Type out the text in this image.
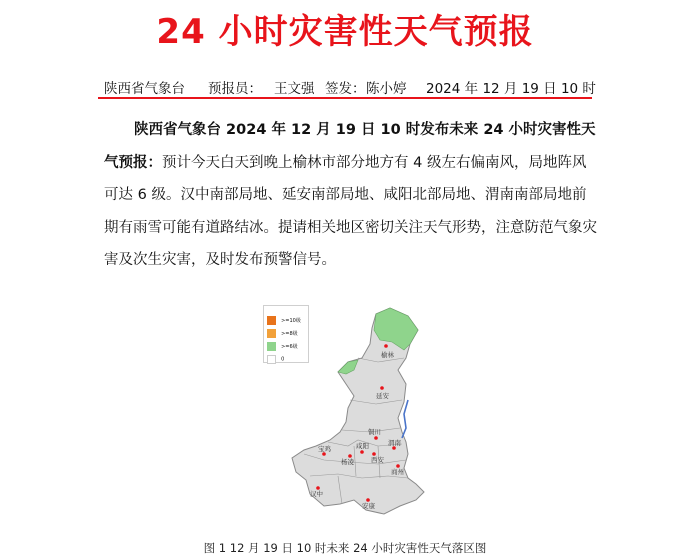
24 小时灾害性天气预报
陕西省气象台 预报员： 王文强 签发： 陈小婷 2024 年 12 月 19 日 10 时
陕西省气象台 2024 年 12 月 19 日 10 时发布未来 24 小时灾害性天气预报：预计今天白天到晚上榆林市部分地方有 4 级左右偏南风，局地阵风可达 6 级。汉中南部局地、延安南部局地、咸阳北部局地、渭南南部局地前期有雨雪可能有道路结冰。提请相关地区密切关注天气形势，注意防范气象灾害及次生灾害，及时发布预警信号。
榆林
延安
铜川
渭南
宝鸡	咸阳
西安
杨凌
商州
汉中
安康
>=10级
>=8级
>=6级
0
图 1 12 月 19 日 10 时未来 24 小时灾害性天气落区图
